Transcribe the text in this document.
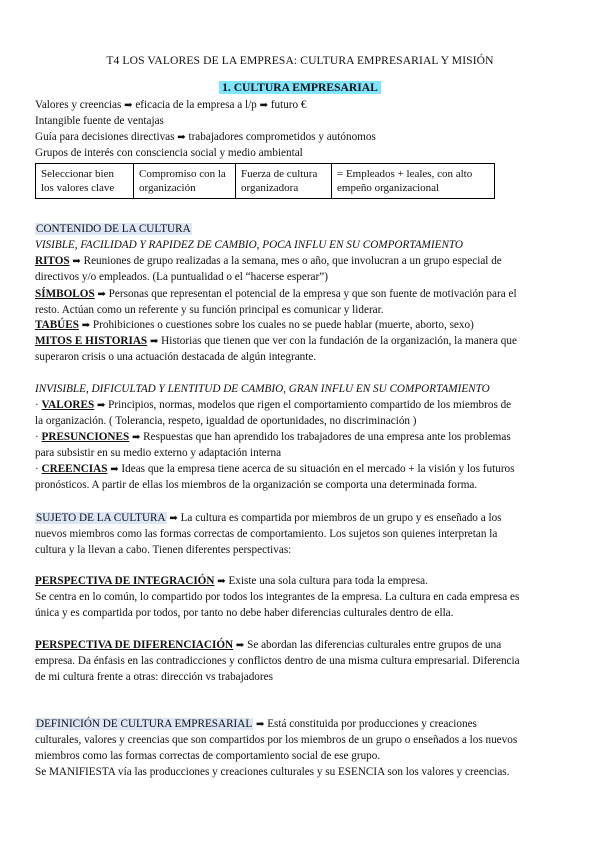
T4 LOS VALORES DE LA EMPRESA: CULTURA EMPRESARIAL Y MISIÓN
1. CULTURA EMPRESARIAL
Valores y creencias ➡ eficacia de la empresa a l/p ➡ futuro €
Intangible fuente de ventajas
Guía para decisiones directivas ➡ trabajadores comprometidos y autónomos
Grupos de interés con consciencia social y medio ambiental
Seleccionar bien los valores clave	Compromiso con la organización	Fuerza de cultura organizadora	= Empleados + leales, con alto empeño organizacional
CONTENIDO DE LA CULTURA
VISIBLE, FACILIDAD Y RAPIDEZ DE CAMBIO, POCA INFLU EN SU COMPORTAMIENTO
RITOS ➡ Reuniones de grupo realizadas a la semana, mes o año, que involucran a un grupo especial de
directivos y/o empleados. (La puntualidad o el “hacerse esperar”)
SÍMBOLOS ➡ Personas que representan el potencial de la empresa y que son fuente de motivación para el
resto. Actúan como un referente y su función principal es comunicar y liderar.
TABÚES ➡ Prohibiciones o cuestiones sobre los cuales no se puede hablar (muerte, aborto, sexo)
MITOS E HISTORIAS ➡ Historias que tienen que ver con la fundación de la organización, la manera que
superaron crisis o una actuación destacada de algún integrante.
INVISIBLE, DIFICULTAD Y LENTITUD DE CAMBIO, GRAN INFLU EN SU COMPORTAMIENTO
· VALORES ➡ Principios, normas, modelos que rigen el comportamiento compartido de los miembros de
la organización. ( Tolerancia, respeto, igualdad de oportunidades, no discriminación )
· PRESUNCIONES ➡ Respuestas que han aprendido los trabajadores de una empresa ante los problemas
para subsistir en su medio externo y adaptación interna
· CREENCIAS ➡ Ideas que la empresa tiene acerca de su situación en el mercado + la visión y los futuros
pronósticos. A partir de ellas los miembros de la organización se comporta una determinada forma.
SUJETO DE LA CULTURA ➡ La cultura es compartida por miembros de un grupo y es enseñado a los
nuevos miembros como las formas correctas de comportamiento. Los sujetos son quienes interpretan la
cultura y la llevan a cabo. Tienen diferentes perspectivas:
PERSPECTIVA DE INTEGRACIÓN ➡ Existe una sola cultura para toda la empresa.
Se centra en lo común, lo compartido por todos los integrantes de la empresa. La cultura en cada empresa es
única y es compartida por todos, por tanto no debe haber diferencias culturales dentro de ella.
PERSPECTIVA DE DIFERENCIACIÓN ➡ Se abordan las diferencias culturales entre grupos de una
empresa. Da énfasis en las contradicciones y conflictos dentro de una misma cultura empresarial. Diferencia
de mi cultura frente a otras: dirección vs trabajadores
DEFINICIÓN DE CULTURA EMPRESARIAL ➡ Está constituida por producciones y creaciones
culturales, valores y creencias que son compartidos por los miembros de un grupo o enseñados a los nuevos
miembros como las formas correctas de comportamiento social de ese grupo.
Se MANIFIESTA vía las producciones y creaciones culturales y su ESENCIA son los valores y creencias.
